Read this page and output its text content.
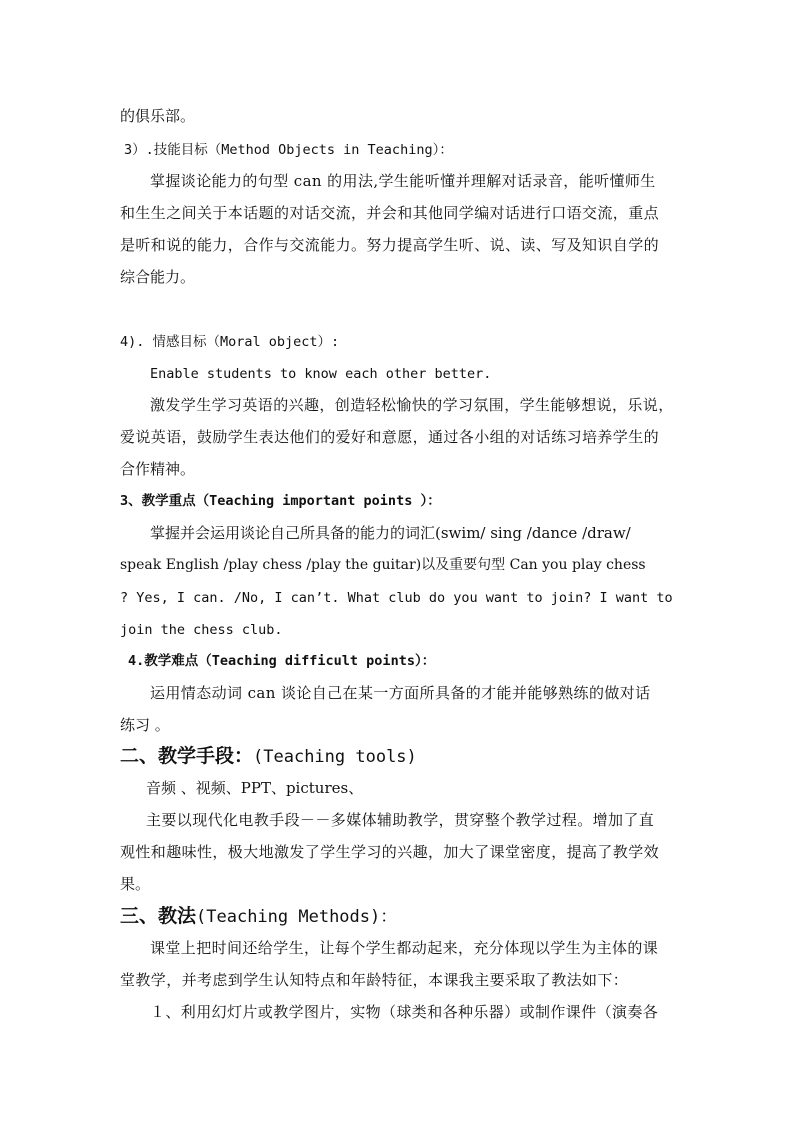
的俱乐部。
3）.技能目标（Method Objects in Teaching）：
掌握谈论能力的句型 can 的用法,学生能听懂并理解对话录音，能听懂师生
和生生之间关于本话题的对话交流，并会和其他同学编对话进行口语交流，重点
是听和说的能力，合作与交流能力。努力提高学生听、说、读、写及知识自学的
综合能力。
4). 情感目标（Moral object）:
Enable students to know each other better.
激发学生学习英语的兴趣，创造轻松愉快的学习氛围，学生能够想说，乐说，
爱说英语，鼓励学生表达他们的爱好和意愿，通过各小组的对话练习培养学生的
合作精神。
3、教学重点（Teaching important points ）：
掌握并会运用谈论自己所具备的能力的词汇(swim/ sing /dance /draw/
speak English /play chess /play the guitar)以及重要句型 Can you play chess
? Yes, I can. /No, I can’t. What club do you want to join? I want to
join the chess club.
4.教学难点（Teaching difficult points）：
运用情态动词 can 谈论自己在某一方面所具备的才能并能够熟练的做对话
练习 。
二、教学手段：(Teaching tools)
音频 、视频、PPT、pictures、
主要以现代化电教手段－－多媒体辅助教学，贯穿整个教学过程。增加了直
观性和趣味性，极大地激发了学生学习的兴趣，加大了课堂密度，提高了教学效
果。
三、教法(Teaching Methods)：
课堂上把时间还给学生，让每个学生都动起来，充分体现以学生为主体的课
堂教学，并考虑到学生认知特点和年龄特征，本课我主要采取了教法如下：
１、利用幻灯片或教学图片，实物（球类和各种乐器）或制作课件（演奏各
